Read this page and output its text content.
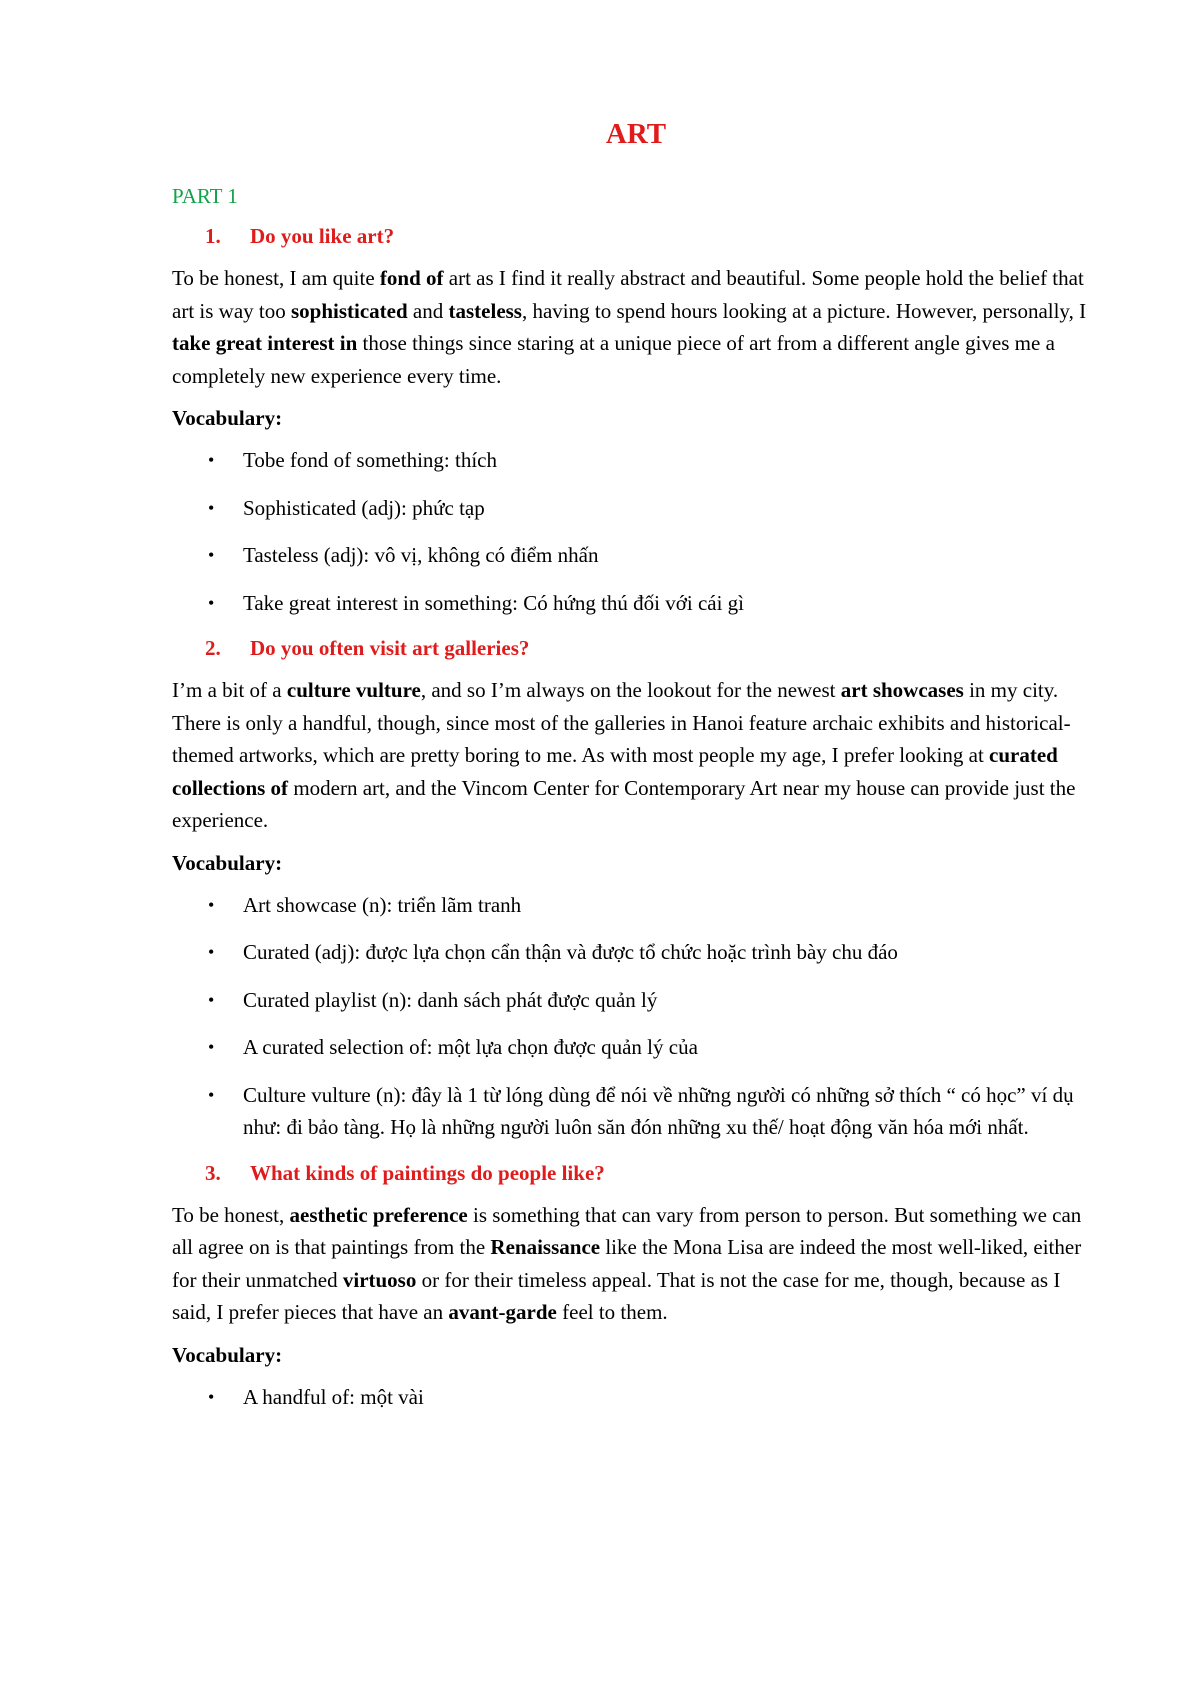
ART
PART 1
1.	Do you like art?

To be honest, I am quite fond of art as I find it really abstract and beautiful. Some people hold the belief that art is way too sophisticated and tasteless, having to spend hours looking at a picture. However, personally, I take great interest in those things since staring at a unique piece of art from a different angle gives me a completely new experience every time.

Vocabulary:
• Tobe fond of something: thích
• Sophisticated (adj): phức tạp
• Tasteless (adj): vô vị, không có điểm nhấn
• Take great interest in something: Có hứng thú đối với cái gì
2.	Do you often visit art galleries?

I’m a bit of a culture vulture, and so I’m always on the lookout for the newest art showcases in my city. There is only a handful, though, since most of the galleries in Hanoi feature archaic exhibits and historical-themed artworks, which are pretty boring to me. As with most people my age, I prefer looking at curated collections of modern art, and the Vincom Center for Contemporary Art near my house can provide just the experience.

Vocabulary:
• Art showcase (n): triển lãm tranh
• Curated (adj): được lựa chọn cẩn thận và được tổ chức hoặc trình bày chu đáo
• Curated playlist (n): danh sách phát được quản lý
• A curated selection of: một lựa chọn được quản lý của
• Culture vulture (n): đây là 1 từ lóng dùng để nói về những người có những sở thích “ có học” ví dụ như: đi bảo tàng. Họ là những người luôn săn đón những xu thế/ hoạt động văn hóa mới nhất.
3.	What kinds of paintings do people like?

To be honest, aesthetic preference is something that can vary from person to person. But something we can all agree on is that paintings from the Renaissance like the Mona Lisa are indeed the most well-liked, either for their unmatched virtuoso or for their timeless appeal. That is not the case for me, though, because as I said, I prefer pieces that have an avant-garde feel to them.

Vocabulary:
• A handful of: một vài
